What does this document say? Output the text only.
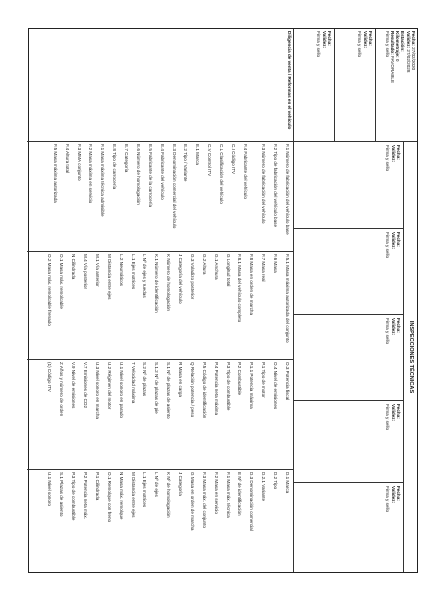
Fecha: 27/02/2020
Validez: 27/02/2028
Estación:
Kilometraje: 0
Resultado: FAVORABLE
Firma y sello
Fecha:
Validez:
Firma y sello
Fecha:
Validez:
Firma y sello
INSPECCIONES TÉCNICAS
Fecha:
Validez:
Firma y sello
Fecha:
Validez:
Firma y sello
Fecha:
Validez:
Firma y sello
Fecha:
Validez:
Firma y sello
Fecha:
Validez:
Firma y sello
Diligencia de venta / Reformas en el vehículo
F.1 Número de fabricación del vehículo base
F.2 Tipo de fabricación del vehículo base
F.3 Número de fabricación del vehículo
F.4 Fabricante del vehículo
C.I Código ITV
C.L Clasificación del vehículo
C.V Control ITV
E.1 Marca
E.2 Tipo / Variante
E.3 Denominación comercial del vehículo
E.4 Fabricante del vehículo
E.5 Fabricante de la carrocería
E.6 Número de homologación
E.7 Categoría
E.8 Tipo de carrocería
F.1 Masa máxima técnica admisible
F.2 Masa máxima en servicio
F.3 MMA conjunto
F.4 Altura total
F.5 Masa máxima autorizada
F.5.1 Masa máxima autorizada del conjunto
F.6 Masa
F.7 Masa real
F.8 Masa en orden de marcha
F.8.1 Masa del vehículo completo
G Longitud total
G.1 Anchura
G.2 Altura
G.3 Voladizo posterior
J Categoría del vehículo
K Número de homologación
K.1 Número de identificación
L Nº de ejes y ruedas
L.1 Ejes motrices
L.2 Neumáticos
M Distancia entre ejes
M.1 Vía anterior
M.4 Vía posterior
N Cilindrada
O.1 Masa máx. remolcable
O.2 Masa máx. remolcable frenado
O.3 Potencia fiscal
O.4 Nivel de emisiones
P.1 Tipo de motor
P.1.1 Potencia máxima
P.2 Combustible
P.3 Tipo de combustible
P.4 Potencia neta máxima
P.5 Código de identificación
Q Relación potencia / peso
R Masa en carga
S.1 Nº de plazas de asiento
S.1.2 Nº de plazas de pie
S.2 Nº de plazas
T Velocidad máxima
U.1 Nivel sonoro en parado
U.2 Régimen del motor
U.3 Nivel sonoro en marcha
V.7 Emisiones de CO2
V.9 Nivel de emisiones
Z Años y número de orden
(1) Código ITV
D.1 Marca
D.2 Tipo
D.2.1 Variante
D.3 Denominación comercial
E Nº de identificación
F.1 Masa máx. técnica
F.2 Masa en servicio
F.3 Masa máx. del conjunto
G Masa en orden de marcha
J Categoría
K Nº de homologación
L Nº de ejes
L.1 Ejes motrices
M Distancia entre ejes
N Masa máx. remolque
O.1 Remolque con freno
P.1 Cilindrada
P.2 Potencia neta máx.
P.3 Tipo de combustible
S.1 Plazas de asiento
U.1 Nivel sonoro
